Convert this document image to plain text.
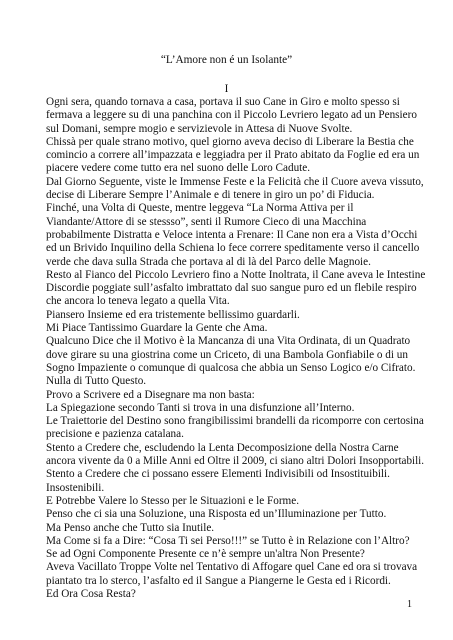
“L’Amore non é un Isolante”
I
Ogni sera, quando tornava a casa, portava il suo Cane in Giro e molto spesso si
fermava a leggere su di una panchina con il Piccolo Levriero legato ad un Pensiero
sul Domani, sempre mogio e servizievole in Attesa di Nuove Svolte.
Chissà per quale strano motivo, quel giorno aveva deciso di Liberare la Bestia che
comincio a correre all’impazzata e leggiadra per il Prato abitato da Foglie ed era un
piacere vedere come tutto era nel suono delle Loro Cadute.
Dal Giorno Seguente, viste le Immense Feste e la Felicità che il Cuore aveva vissuto,
decise di Liberare Sempre l’Animale e di tenere in giro un po’ di Fiducia.
Finché, una Volta di Queste, mentre leggeva “La Norma Attiva per il
Viandante/Attore di se stessso”, senti il Rumore Cieco di una Macchina
probabilmente Distratta e Veloce intenta a Frenare: Il Cane non era a Vista d’Occhi
ed un Brivido Inquilino della Schiena lo fece correre speditamente verso il cancello
verde che dava sulla Strada che portava al di là del Parco delle Magnoie.
Resto al Fianco del Piccolo Levriero fino a Notte Inoltrata, il Cane aveva le Intestine
Discordie poggiate sull’asfalto imbrattato dal suo sangue puro ed un flebile respiro
che ancora lo teneva legato a quella Vita.
Piansero Insieme ed era tristemente bellissimo guardarli.
Mi Piace Tantissimo Guardare la Gente che Ama.
Qualcuno Dice che il Motivo è la Mancanza di una Vita Ordinata, di un Quadrato
dove girare su una giostrina come un Criceto, di una Bambola Gonfiabile o di un
Sogno Impaziente o comunque di qualcosa che abbia un Senso Logico e/o Cifrato.
Nulla di Tutto Questo.
Provo a Scrivere ed a Disegnare ma non basta:
La Spiegazione secondo Tanti si trova in una disfunzione all’Interno.
Le Traiettorie del Destino sono frangibilissimi brandelli da ricomporre con certosina
precisione e pazienza catalana.
Stento a Credere che, escludendo la Lenta Decomposizione della Nostra Carne
ancora vivente da 0 a Mille Anni ed Oltre il 2009, ci siano altri Dolori Insopportabili.
Stento a Credere che ci possano essere Elementi Indivisibili od Insostituibili.
Insostenibili.
E Potrebbe Valere lo Stesso per le Situazioni e le Forme.
Penso che ci sia una Soluzione, una Risposta ed un’Illuminazione per Tutto.
Ma Penso anche che Tutto sia Inutile.
Ma Come si fa a Dire: “Cosa Ti sei Perso!!!” se Tutto è in Relazione con l’Altro?
Se ad Ogni Componente Presente ce n’è sempre un'altra Non Presente?
Aveva Vacillato Troppe Volte nel Tentativo di Affogare quel Cane ed ora si trovava
piantato tra lo sterco, l’asfalto ed il Sangue a Piangerne le Gesta ed i Ricordi.
Ed Ora Cosa Resta?
1
